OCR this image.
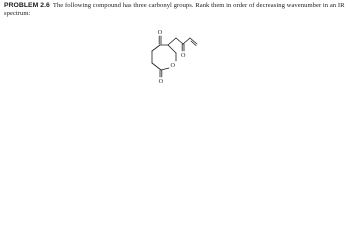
PROBLEM 2.6 The following compound has three carbonyl groups. Rank them in order of decreasing wavenumber in an IR spectrum:
O
O
O
O
